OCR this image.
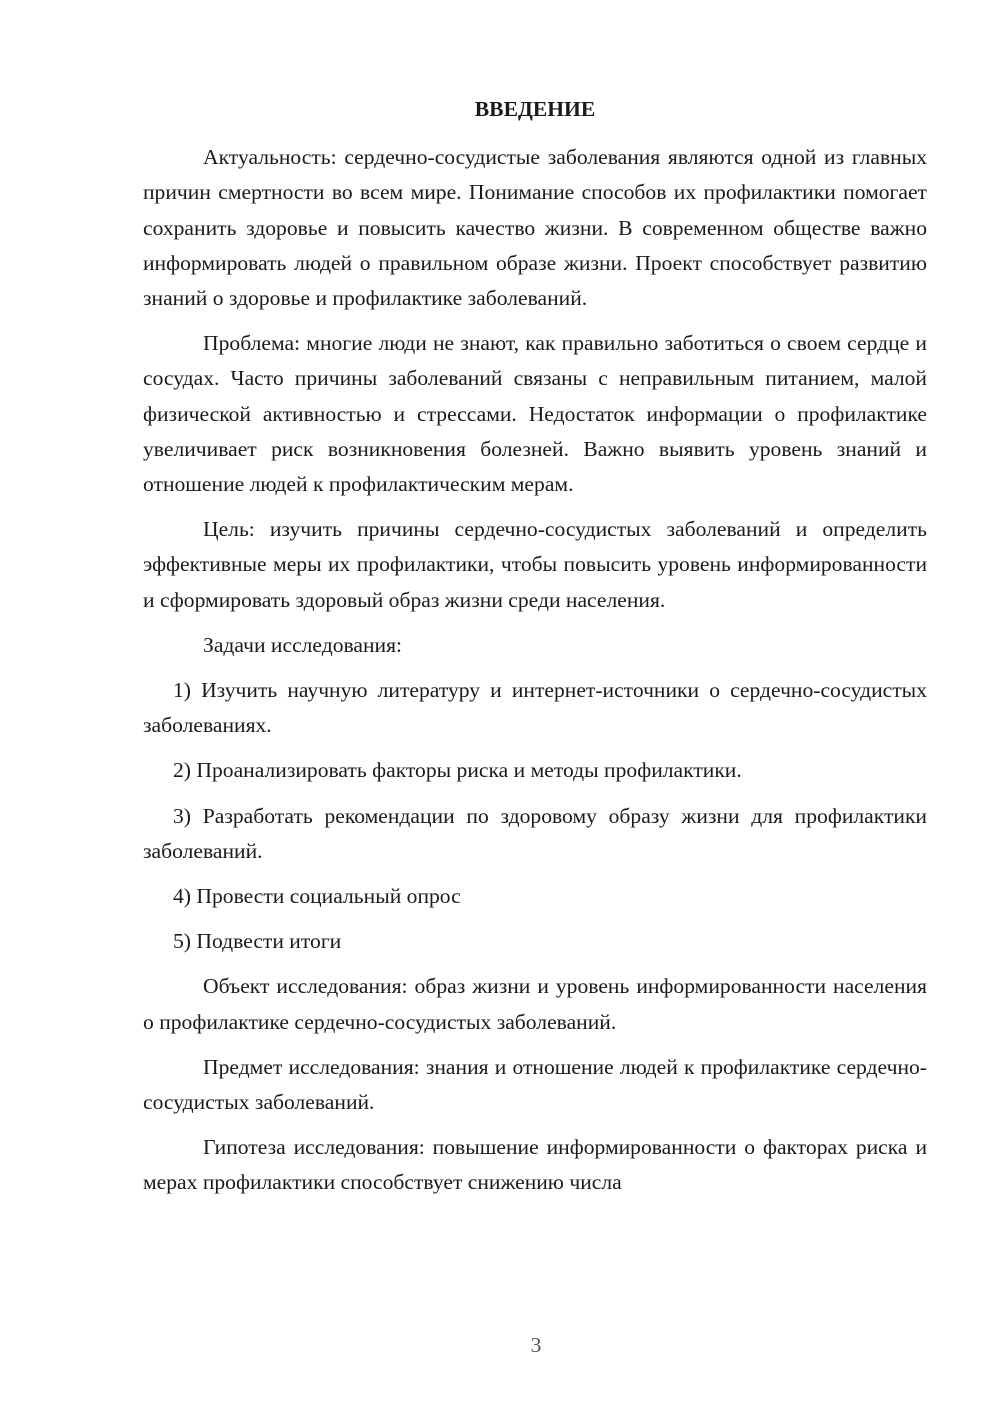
ВВЕДЕНИЕ

Актуальность: сердечно-сосудистые заболевания являются одной из главных причин смертности во всем мире. Понимание способов их профилактики помогает сохранить здоровье и повысить качество жизни. В современном обществе важно информировать людей о правильном образе жизни. Проект способствует развитию знаний о здоровье и профилактике заболеваний.

Проблема: многие люди не знают, как правильно заботиться о своем сердце и сосудах. Часто причины заболеваний связаны с неправильным питанием, малой физической активностью и стрессами. Недостаток информации о профилактике увеличивает риск возникновения болезней. Важно выявить уровень знаний и отношение людей к профилактическим мерам.

Цель: изучить причины сердечно-сосудистых заболеваний и определить эффективные меры их профилактики, чтобы повысить уровень информированности и сформировать здоровый образ жизни среди населения.

Задачи исследования:

1) Изучить научную литературу и интернет-источники о сердечно-сосудистых заболеваниях.

2) Проанализировать факторы риска и методы профилактики.

3) Разработать рекомендации по здоровому образу жизни для профилактики заболеваний.

4) Провести социальный опрос

5) Подвести итоги

Объект исследования: образ жизни и уровень информированности населения о профилактике сердечно-сосудистых заболеваний.

Предмет исследования: знания и отношение людей к профилактике сердечно-сосудистых заболеваний.

Гипотеза исследования: повышение информированности о факторах риска и мерах профилактики способствует снижению числа

3
